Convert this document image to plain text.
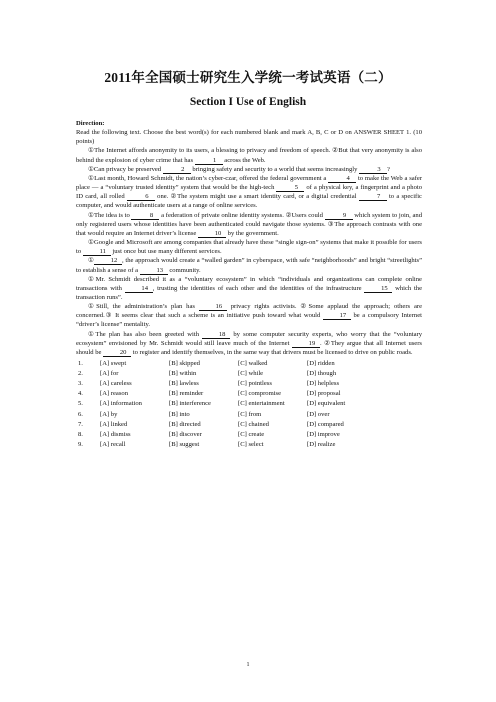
2011年全国硕士研究生入学统一考试英语（二）
Section I Use of English

Direction:

Read the following text. Choose the best word(s) for each numbered blank and mark A, B, C or D on ANSWER SHEET 1. (10 points)

①The Internet affords anonymity to its users, a blessing to privacy and freedom of speech. ②But that very anonymity is also behind the explosion of cyber crime that has	1 across the Web.

①Can privacy be preserved	2 bringing safety and security to a world that seems increasingly	3 ?

①Last month, Howard Schmidt, the nation’s cyber-czar, offered the federal government a	4 to make the Web a safer place — a “voluntary trusted identity” system that would be the high-tech	5 of a physical key, a fingerprint and a photo ID card, all rolled	6 one. ②The system might use a smart identity card, or a digital credential	7 to a specific computer, and would authenticate users at a range of online services.

①The idea is to	8 a federation of private online identity systems. ②Users could	9 which system to join, and only registered users whose identities have been authenticated could navigate those systems. ③The approach contrasts with one that would require an Internet driver’s license	10 by the government.

①Google and Microsoft are among companies that already have these “single sign-on” systems that make it possible for users to	11 just once but use many different services.

①	12 , the approach would create a “walled garden” in cyberspace, with safe “neighborhoods” and bright “streetlights” to establish a sense of a	13 community.

①Mr. Schmidt described it as a “voluntary ecosystem” in which “individuals and organizations can complete online transactions with	14 , trusting the identities of each other and the identities of the infrastructure	15 which the transaction runs”.

①Still, the administration’s plan has	16 privacy rights activists. ②Some applaud the approach; others are concerned.③ It seems clear that such a scheme is an initiative push toward what would	17 be a compulsory Internet “driver’s license” mentality.

①The plan has also been greeted with	18 by some computer security experts, who worry that the “voluntary ecosystem” envisioned by Mr. Schmidt would still leave much of the Internet	19 . ②They argue that all Internet users should be	20 to register and identify themselves, in the same way that drivers must be licensed to drive on public roads.

1.	[A] swept	[B] skipped	[C] walked	[D] ridden
2.	[A] for	[B] within	[C] while	[D] though
3.	[A] careless	[B] lawless	[C] pointless	[D] helpless
4.	[A] reason	[B] reminder	[C] compromise	[D] proposal
5.	[A] information	[B] interference	[C] entertainment	[D] equivalent
6.	[A] by	[B] into	[C] from	[D] over
7.	[A] linked	[B] directed	[C] chained	[D] compared
8.	[A] dismiss	[B] discover	[C] create	[D] improve
9.	[A] recall	[B] suggest	[C] select	[D] realize
1
